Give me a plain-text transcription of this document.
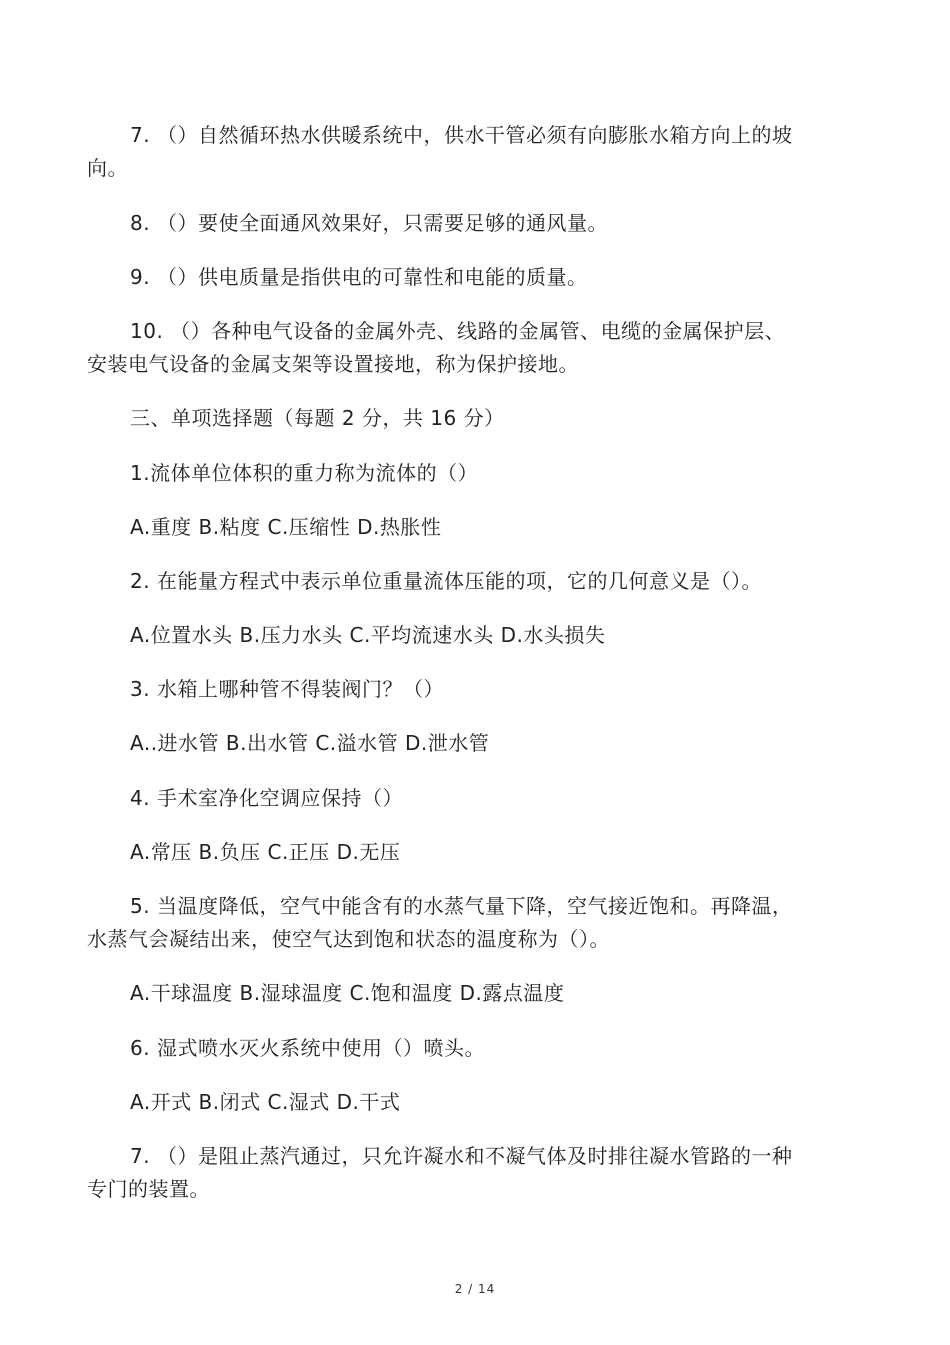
7. （）自然循环热水供暖系统中，供水干管必须有向膨胀水箱方向上的坡
向。
8. （）要使全面通风效果好，只需要足够的通风量。
9. （）供电质量是指供电的可靠性和电能的质量。
10. （）各种电气设备的金属外壳、线路的金属管、电缆的金属保护层、
安装电气设备的金属支架等设置接地，称为保护接地。
三、单项选择题（每题 2 分，共 16 分）
1.流体单位体积的重力称为流体的（）
A.重度 B.粘度 C.压缩性 D.热胀性
2. 在能量方程式中表示单位重量流体压能的项，它的几何意义是（）。
A.位置水头 B.压力水头 C.平均流速水头 D.水头损失
3. 水箱上哪种管不得装阀门？（）
A..进水管 B.出水管 C.溢水管 D.泄水管
4. 手术室净化空调应保持（）
A.常压 B.负压 C.正压 D.无压
5. 当温度降低，空气中能含有的水蒸气量下降，空气接近饱和。再降温，
水蒸气会凝结出来，使空气达到饱和状态的温度称为（）。
A.干球温度 B.湿球温度 C.饱和温度 D.露点温度
6. 湿式喷水灭火系统中使用（）喷头。
A.开式 B.闭式 C.湿式 D.干式
7. （）是阻止蒸汽通过，只允许凝水和不凝气体及时排往凝水管路的一种
专门的装置。
2 / 14
